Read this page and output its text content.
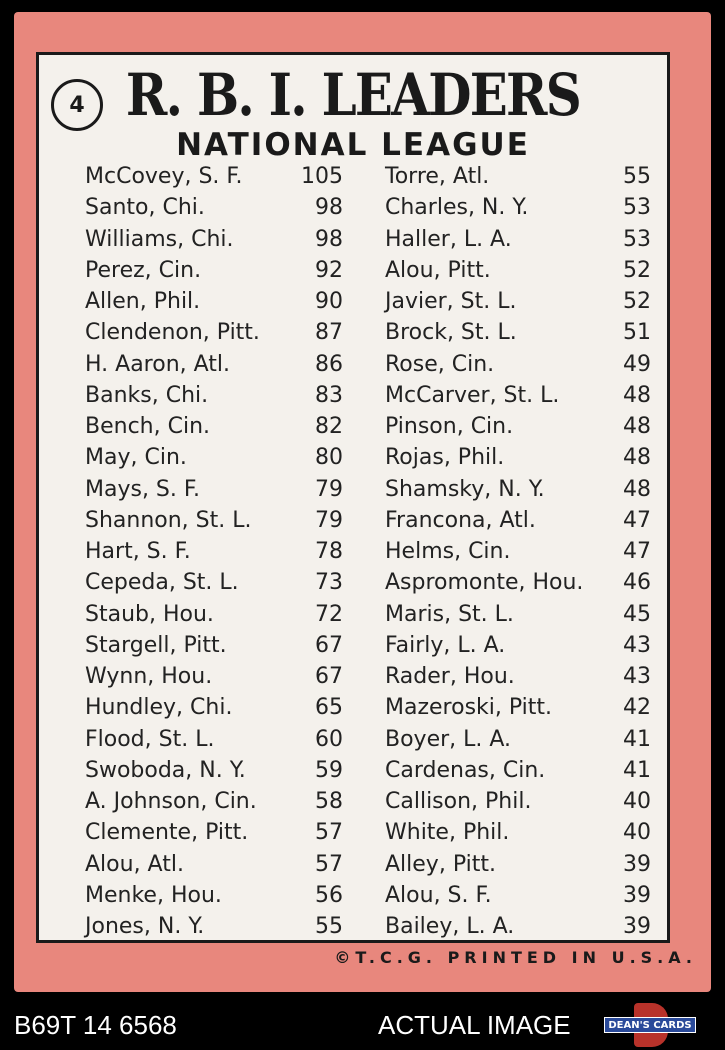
4 R. B. I. LEADERS
NATIONAL LEAGUE
McCovey, S. F.	105
Santo, Chi.	98
Williams, Chi.	98
Perez, Cin.	92
Allen, Phil.	90
Clendenon, Pitt.	87
H. Aaron, Atl.	86
Banks, Chi.	83
Bench, Cin.	82
May, Cin.	80
Mays, S. F.	79
Shannon, St. L.	79
Hart, S. F.	78
Cepeda, St. L.	73
Staub, Hou.	72
Stargell, Pitt.	67
Wynn, Hou.	67
Hundley, Chi.	65
Flood, St. L.	60
Swoboda, N. Y.	59
A. Johnson, Cin.	58
Clemente, Pitt.	57
Alou, Atl.	57
Menke, Hou.	56
Jones, N. Y.	55
Torre, Atl.	55
Charles, N. Y.	53
Haller, L. A.	53
Alou, Pitt.	52
Javier, St. L.	52
Brock, St. L.	51
Rose, Cin.	49
McCarver, St. L.	48
Pinson, Cin.	48
Rojas, Phil.	48
Shamsky, N. Y.	48
Francona, Atl.	47
Helms, Cin.	47
Aspromonte, Hou. 46
Maris, St. L.	45
Fairly, L. A.	43
Rader, Hou.	43
Mazeroski, Pitt.	42
Boyer, L. A.	41
Cardenas, Cin.	41
Callison, Phil.	40
White, Phil.	40
Alley, Pitt.	39
Alou, S. F.	39
Bailey, L. A.	39
©T.C.G. PRINTED IN U.S.A.
B69T 14 6568	ACTUAL IMAGE	DEAN'S CARDS
